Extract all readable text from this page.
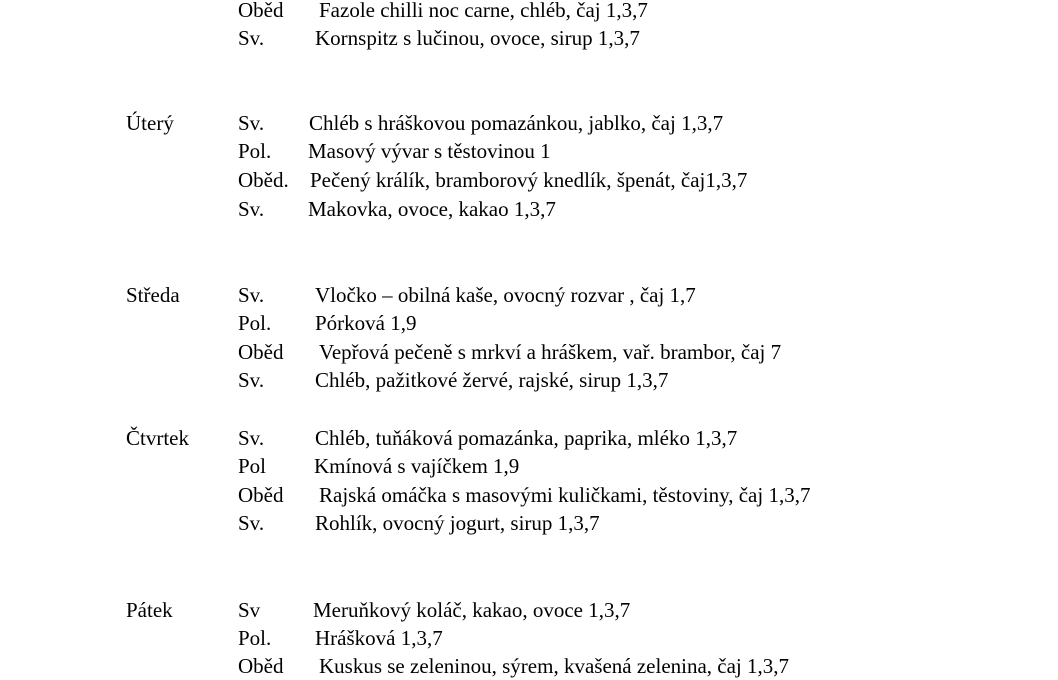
Oběd Fazole chilli noc carne, chléb, čaj 1,3,7
Sv. Kornspitz s lučinou, ovoce, sirup 1,3,7
Úterý	Sv. Chléb s hráškovou pomazánkou, jablko, čaj 1,3,7
Pol. Masový vývar s těstovinou 1
Oběd. Pečený králík, bramborový knedlík, špenát, čaj1,3,7
Sv. Makovka, ovoce, kakao 1,3,7
Středa	Sv. Vločko – obilná kaše, ovocný rozvar , čaj 1,7
Pol. Pórková 1,9
Oběd Vepřová pečeně s mrkví a hráškem, vař. brambor, čaj 7
Sv. Chléb, pažitkové žervé, rajské, sirup 1,3,7
Čtvrtek Sv. Chléb, tuňáková pomazánka, paprika, mléko 1,3,7
Pol Kmínová s vajíčkem 1,9
Oběd Rajská omáčka s masovými kuličkami, těstoviny, čaj 1,3,7
Sv. Rohlík, ovocný jogurt, sirup 1,3,7
Pátek	Sv	Meruňkový koláč, kakao, ovoce 1,3,7
Pol. Hrášková 1,3,7
Oběd Kuskus se zeleninou, sýrem, kvašená zelenina, čaj 1,3,7
